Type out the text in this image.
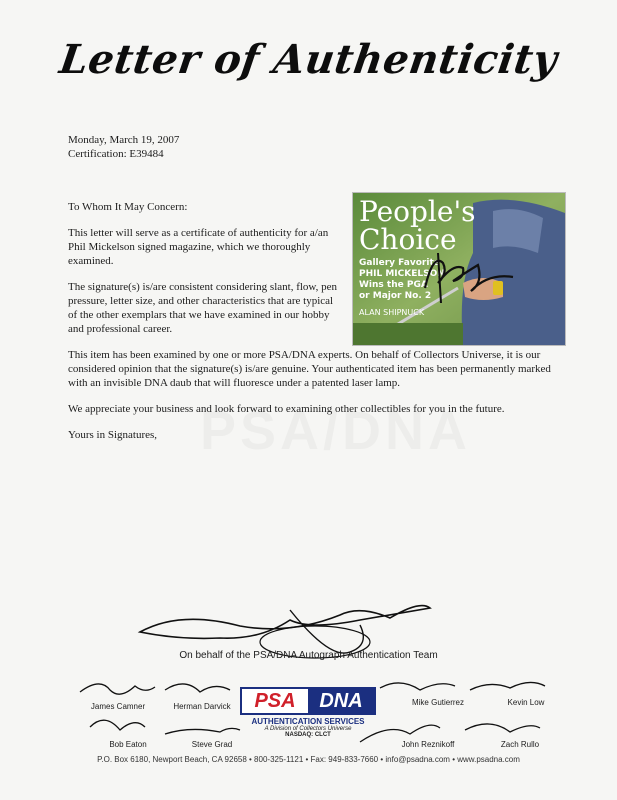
Letter of Authenticity
Monday, March 19, 2007
Certification: E39484

To Whom It May Concern:

This letter will serve as a certificate of authenticity for a/an Phil Mickelson signed magazine, which we thoroughly examined.

The signature(s) is/are consistent considering slant, flow, pen pressure, letter size, and other characteristics that are typical of the other exemplars that we have examined in our hobby and professional career.

This item has been examined by one or more PSA/DNA experts. On behalf of Collectors Universe, it is our considered opinion that the signature(s) is/are genuine. Your authenticated item has been permanently marked with an invisible DNA daub that will fluoresce under a patented laser lamp.

We appreciate your business and look forward to examining other collectibles for you in the future.

Yours in Signatures,

People's
Choice
Gallery Favorite
PHIL MICKELSON
Wins the PGA
or Major No. 2
ALAN SHIPNUCK
On behalf of the PSA/DNA Autograph Authentication Team
James Camner	Herman Darvick	Mike Gutierrez	Kevin Low
Bob Eaton	Steve Grad	John Reznikoff	Zach Rullo
PSA	DNA
AUTHENTICATION SERVICES
A Division of Collectors Universe
NASDAQ: CLCT
P.O. Box 6180, Newport Beach, CA 92658 • 800-325-1121 • Fax: 949-833-7660 • info@psadna.com • www.psadna.com
